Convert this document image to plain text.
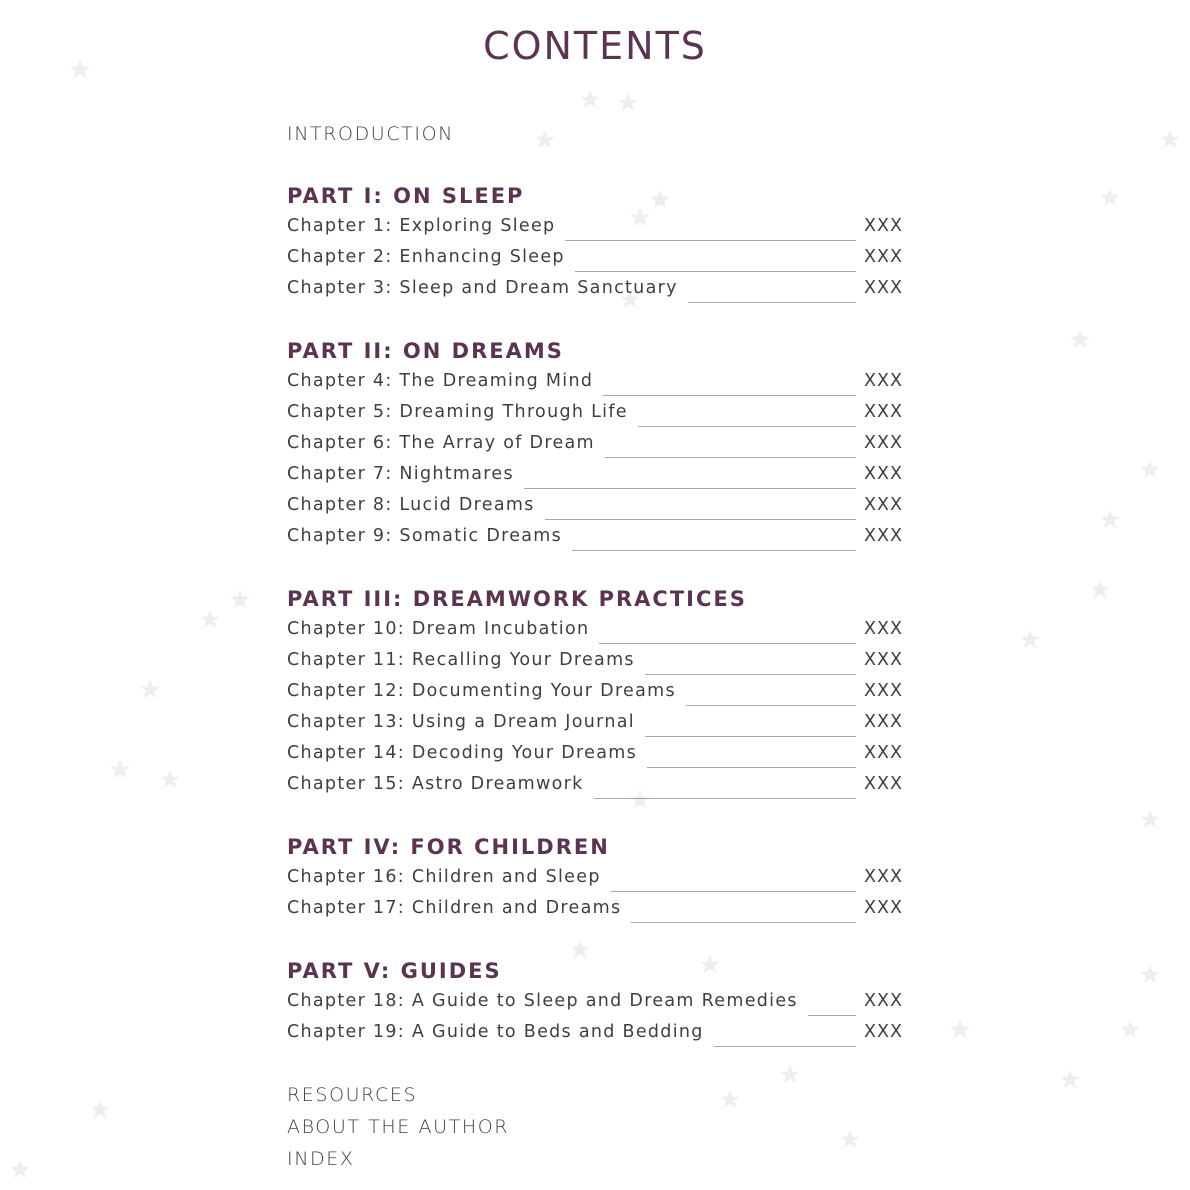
CONTENTS
INTRODUCTION
PART I: ON SLEEP
Chapter 1: Exploring Sleep	XXX
Chapter 2: Enhancing Sleep	XXX
Chapter 3: Sleep and Dream Sanctuary	XXX
PART II: ON DREAMS
Chapter 4: The Dreaming Mind	XXX
Chapter 5: Dreaming Through Life	XXX
Chapter 6: The Array of Dream	XXX
Chapter 7: Nightmares	XXX
Chapter 8: Lucid Dreams	XXX
Chapter 9: Somatic Dreams	XXX
PART III: DREAMWORK PRACTICES
Chapter 10: Dream Incubation	XXX
Chapter 11: Recalling Your Dreams	XXX
Chapter 12: Documenting Your Dreams	XXX
Chapter 13: Using a Dream Journal	XXX
Chapter 14: Decoding Your Dreams	XXX
Chapter 15: Astro Dreamwork	XXX
PART IV: FOR CHILDREN
Chapter 16: Children and Sleep	XXX
Chapter 17: Children and Dreams	XXX
PART V: GUIDES
Chapter 18: A Guide to Sleep and Dream Remedies	XXX
Chapter 19: A Guide to Beds and Bedding	XXX
RESOURCES
ABOUT THE AUTHOR
INDEX
